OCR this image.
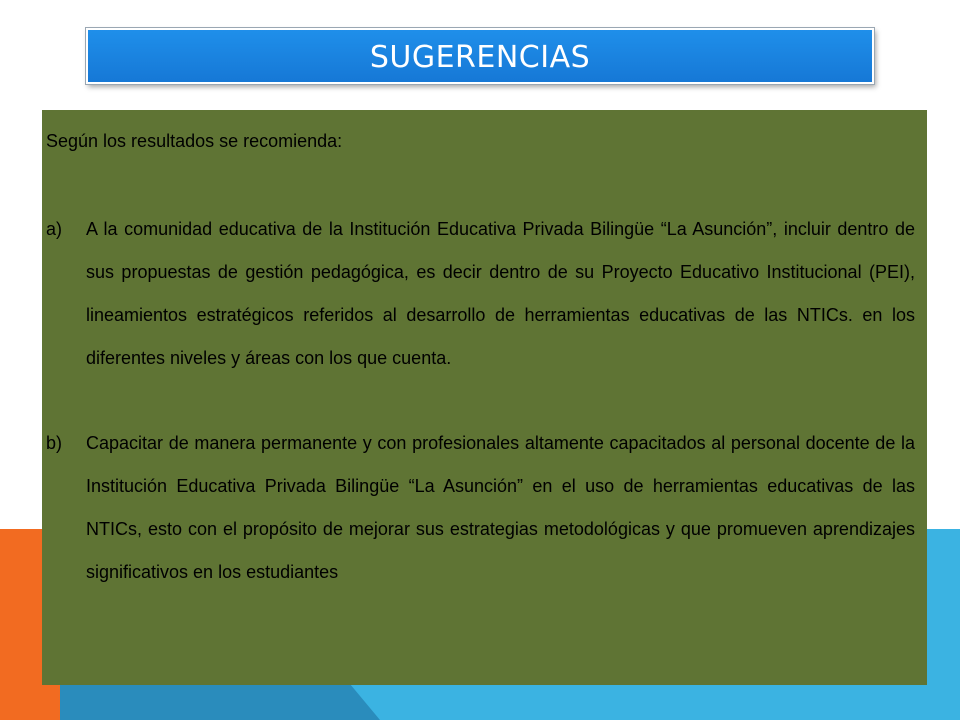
SUGERENCIAS

Según los resultados se recomienda:

a)	A la comunidad educativa de la Institución Educativa Privada Bilingüe “La Asunción”, incluir dentro de sus propuestas de gestión pedagógica, es decir dentro de su Proyecto Educativo Institucional (PEI), lineamientos estratégicos referidos al desarrollo de herramientas educativas de las NTICs. en los diferentes niveles y áreas con los que cuenta.
b)	Capacitar de manera permanente y con profesionales altamente capacitados al personal docente de la Institución Educativa Privada Bilingüe “La Asunción” en el uso de herramientas educativas de las NTICs, esto con el propósito de mejorar sus estrategias metodológicas y que promueven aprendizajes significativos en los estudiantes
